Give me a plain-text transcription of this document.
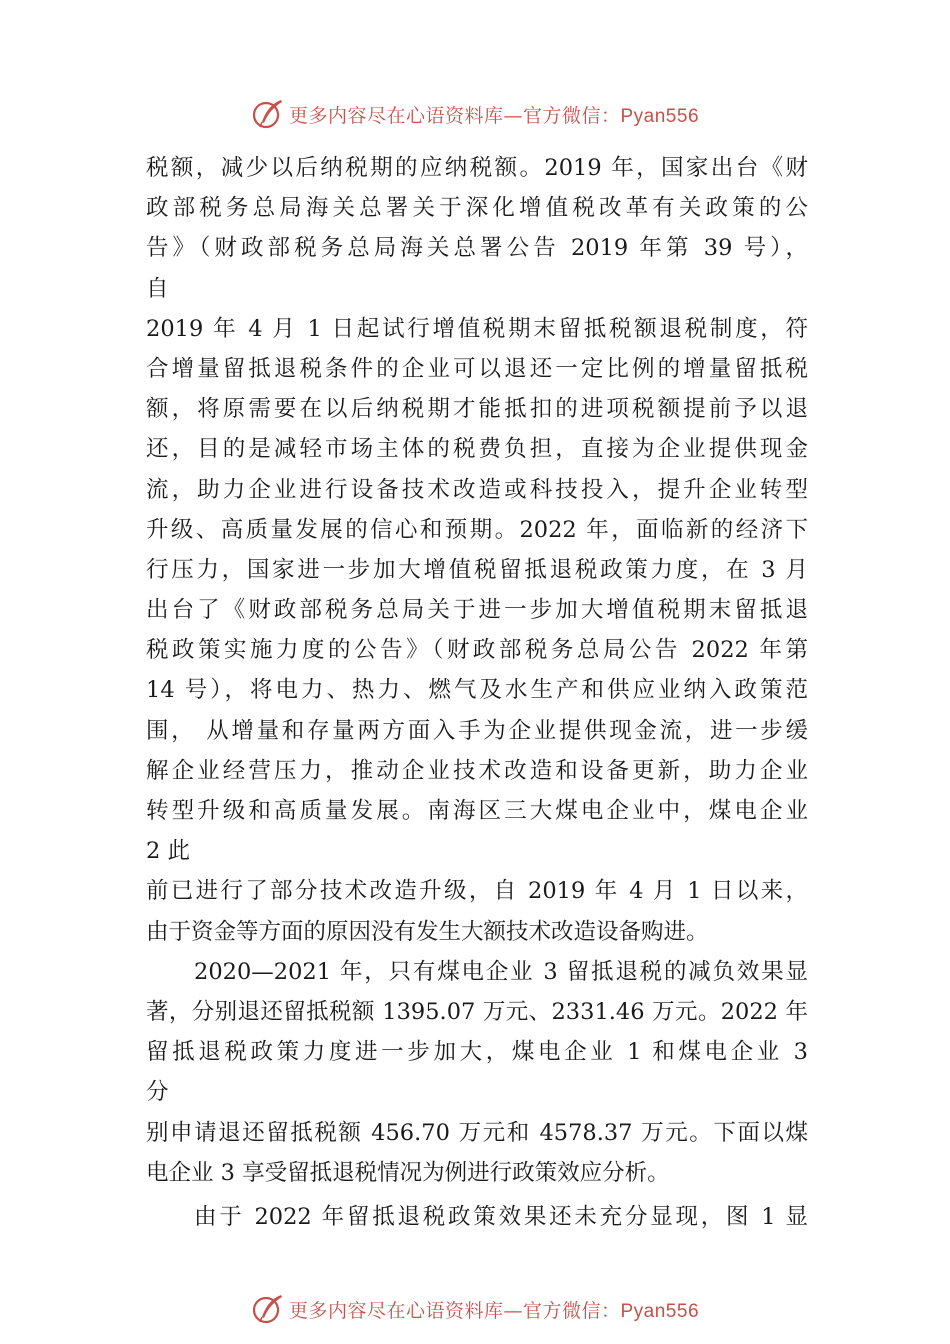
更多内容尽在心语资料库—官方微信：Pyan556
税额，减少以后纳税期的应纳税额。2019 年，国家出台《财
政部税务总局海关总署关于深化增值税改革有关政策的公
告》（财政部税务总局海关总署公告 2019 年第 39 号），
自
2019 年 4 月 1 日起试行增值税期末留抵税额退税制度，符
合增量留抵退税条件的企业可以退还一定比例的增量留抵税
额，将原需要在以后纳税期才能抵扣的进项税额提前予以退
还，目的是减轻市场主体的税费负担，直接为企业提供现金
流，助力企业进行设备技术改造或科技投入，提升企业转型
升级、高质量发展的信心和预期。2022 年，面临新的经济下
行压力，国家进一步加大增值税留抵退税政策力度，在 3 月
出台了《财政部税务总局关于进一步加大增值税期末留抵退
税政策实施力度的公告》（财政部税务总局公告 2022 年第
14 号），将电力、热力、燃气及水生产和供应业纳入政策范
围， 从增量和存量两方面入手为企业提供现金流，进一步缓
解企业经营压力，推动企业技术改造和设备更新，助力企业
转型升级和高质量发展。南海区三大煤电企业中，煤电企业
2 此
前已进行了部分技术改造升级，自 2019 年 4 月 1 日以来，
由于资金等方面的原因没有发生大额技术改造设备购进。
2020—2021 年，只有煤电企业 3 留抵退税的减负效果显
著，分别退还留抵税额 1395.07 万元、2331.46 万元。2022 年
留抵退税政策力度进一步加大，煤电企业 1 和煤电企业 3
分
别申请退还留抵税额 456.70 万元和 4578.37 万元。下面以煤
电企业 3 享受留抵退税情况为例进行政策效应分析。
由于 2022 年留抵退税政策效果还未充分显现，图 1 显
更多内容尽在心语资料库—官方微信：Pyan556
